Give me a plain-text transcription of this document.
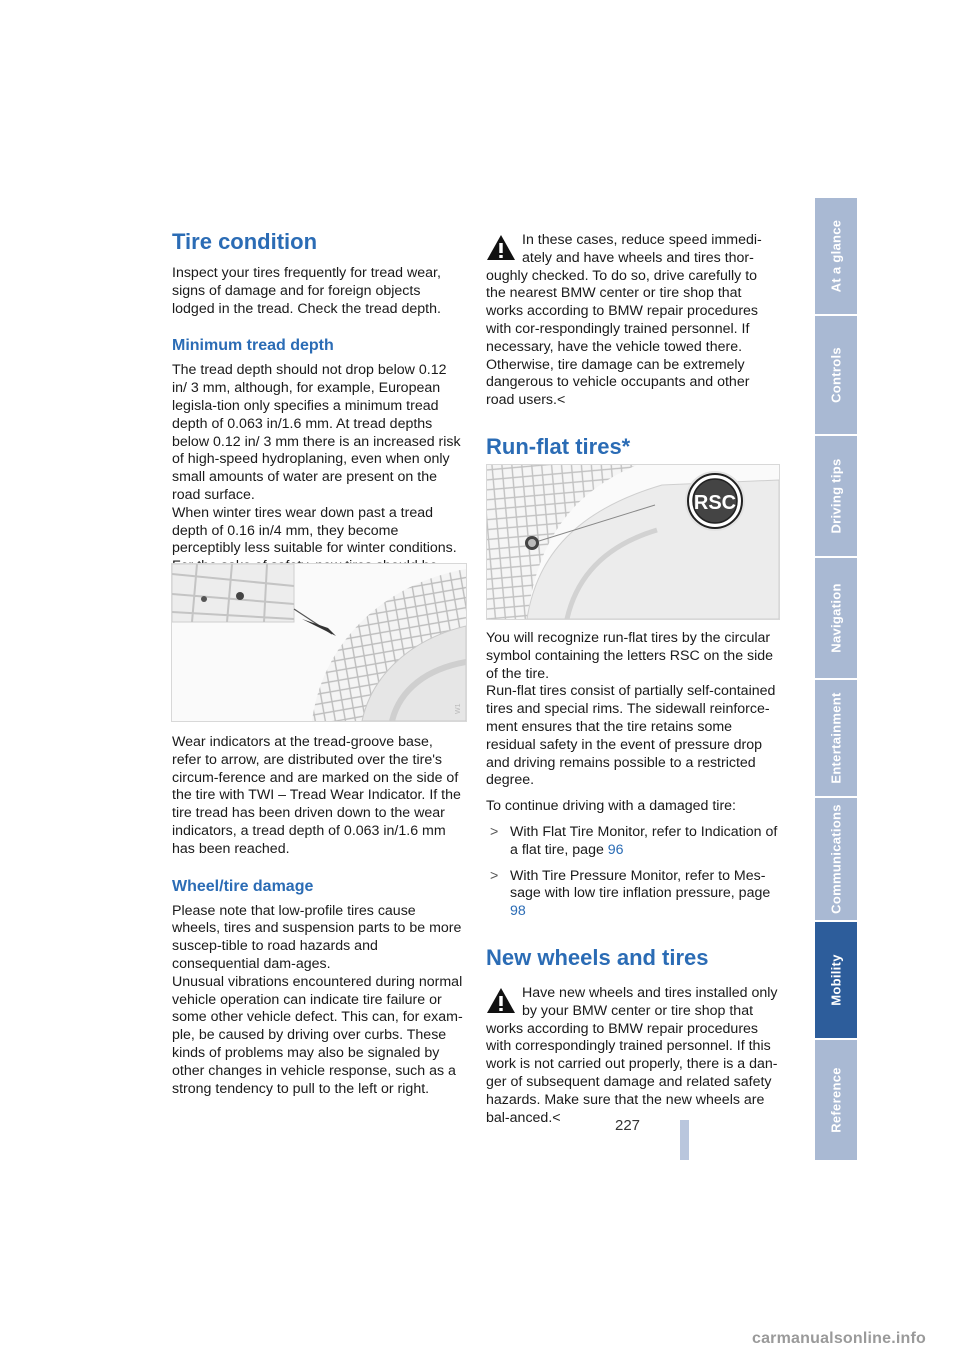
Tire condition

Inspect your tires frequently for tread wear, signs of damage and for foreign objects lodged in the tread. Check the tread depth.

Minimum tread depth

The tread depth should not drop below 0.12 in/ 3 mm, although, for example, European legisla-tion only specifies a minimum tread depth of 0.063 in/1.6 mm. At tread depths below 0.12 in/ 3 mm there is an increased risk of high-speed hydroplaning, even when only small amounts of water are present on the road surface.

When winter tires wear down past a tread depth of 0.16 in/4 mm, they become perceptibly less suitable for winter conditions.

W1

Wear indicators at the tread-groove base, refer to arrow, are distributed over the tire's circum-ference and are marked on the side of the tire with TWI – Tread Wear Indicator. If the tire tread has been driven down to the wear indicators, a tread depth of 0.063 in/1.6 mm has been reached.

Wheel/tire damage

Please note that low-profile tires cause wheels, tires and suspension parts to be more suscep-tible to road hazards and consequential dam-ages.

Unusual vibrations encountered during normal vehicle operation can indicate tire failure or some other vehicle defect. This can, for exam-ple, be caused by driving over curbs. These kinds of problems may also be signaled by other changes in vehicle response, such as a strong tendency to pull to the left or right.

In these cases, reduce speed immedi-ately and have wheels and tires thor-

oughly checked. To do so, drive carefully to the nearest BMW center or tire shop that works according to BMW repair procedures with cor-respondingly trained personnel. If necessary, have the vehicle towed there. Otherwise, tire damage can be extremely dangerous to vehicle occupants and other road users.<

Run-flat tires*
RSC

You will recognize run-flat tires by the circular symbol containing the letters RSC on the side of the tire.

Run-flat tires consist of partially self-contained tires and special rims. The sidewall reinforce-ment ensures that the tire retains some residual safety in the event of pressure drop and driving remains possible to a restricted degree.

To continue driving with a damaged tire:

> With Flat Tire Monitor, refer to Indication of a flat tire, page 96

> With Tire Pressure Monitor, refer to Mes-sage with low tire inflation pressure, page 98

New wheels and tires

Have new wheels and tires installed only by your BMW center or tire shop that

works according to BMW repair procedures with correspondingly trained personnel. If this work is not carried out properly, there is a dan-ger of subsequent damage and related safety hazards. Make sure that the new wheels are bal-anced.<

At a glance
Controls
Driving tips
Navigation
Entertainment
Communications
Mobility
Reference
227
carmanualsonline.info
